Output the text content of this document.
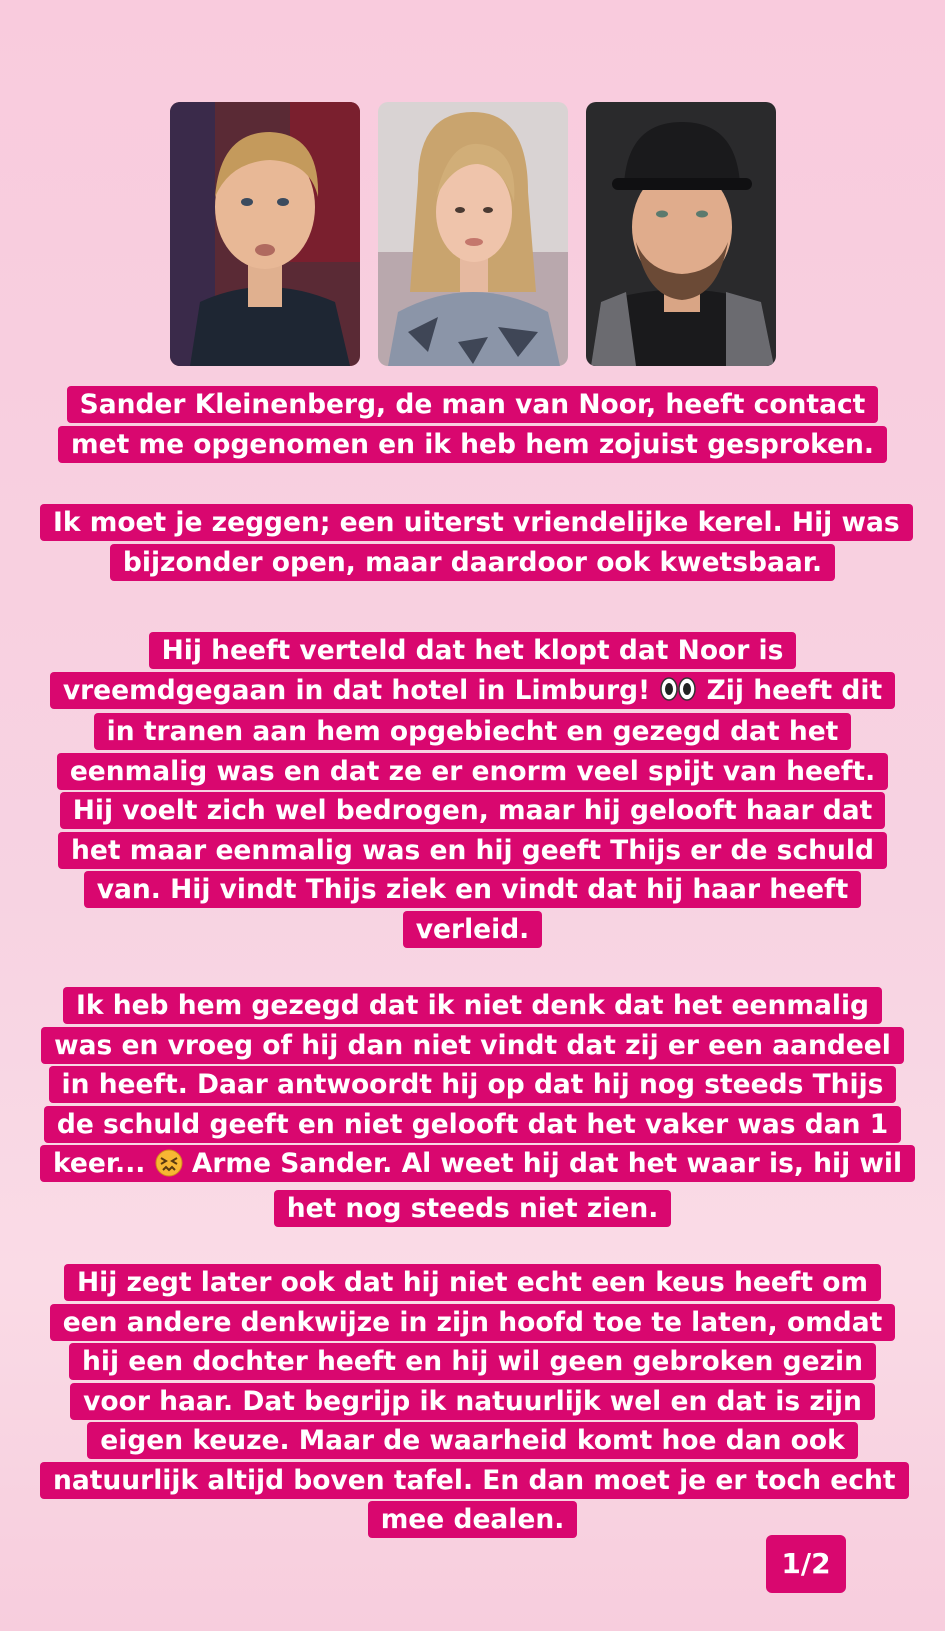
Sander Kleinenberg, de man van Noor, heeft contact met me opgenomen en ik heb hem zojuist gesproken.
Ik moet je zeggen; een uiterst vriendelijke kerel. Hij was bijzonder open, maar daardoor ook kwetsbaar.
Hij heeft verteld dat het klopt dat Noor is vreemdgegaan in dat hotel in Limburg! Zij heeft dit in tranen aan hem opgebiecht en gezegd dat het eenmalig was en dat ze er enorm veel spijt van heeft. Hij voelt zich wel bedrogen, maar hij gelooft haar dat het maar eenmalig was en hij geeft Thijs er de schuld van. Hij vindt Thijs ziek en vindt dat hij haar heeft verleid.
Ik heb hem gezegd dat ik niet denk dat het eenmalig was en vroeg of hij dan niet vindt dat zij er een aandeel in heeft. Daar antwoordt hij op dat hij nog steeds Thijs de schuld geeft en niet gelooft dat het vaker was dan 1 keer... Arme Sander. Al weet hij dat het waar is, hij wil het nog steeds niet zien.
Hij zegt later ook dat hij niet echt een keus heeft om een andere denkwijze in zijn hoofd toe te laten, omdat hij een dochter heeft en hij wil geen gebroken gezin voor haar. Dat begrijp ik natuurlijk wel en dat is zijn eigen keuze. Maar de waarheid komt hoe dan ook natuurlijk altijd boven tafel. En dan moet je er toch echt mee dealen.
1/2
